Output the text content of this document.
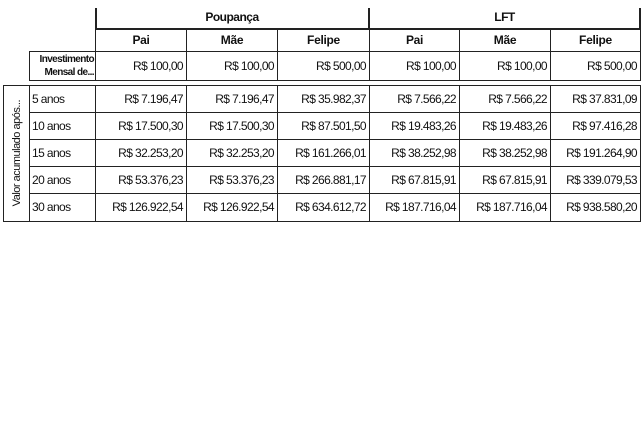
Poupança	LFT
Pai	Mãe	Felipe	Pai	Mãe	Felipe
Investimento
Mensal de...	R$ 100,00	R$ 100,00	R$ 500,00	R$ 100,00	R$ 100,00	R$ 500,00
Valor acumulado após...
5 anos	R$ 7.196,47	R$ 7.196,47	R$ 35.982,37	R$ 7.566,22	R$ 7.566,22	R$ 37.831,09
10 anos	R$ 17.500,30	R$ 17.500,30	R$ 87.501,50	R$ 19.483,26	R$ 19.483,26	R$ 97.416,28
15 anos	R$ 32.253,20	R$ 32.253,20	R$ 161.266,01	R$ 38.252,98	R$ 38.252,98	R$ 191.264,90
20 anos	R$ 53.376,23	R$ 53.376,23	R$ 266.881,17	R$ 67.815,91	R$ 67.815,91	R$ 339.079,53
30 anos	R$ 126.922,54	R$ 126.922,54	R$ 634.612,72	R$ 187.716,04	R$ 187.716,04	R$ 938.580,20
